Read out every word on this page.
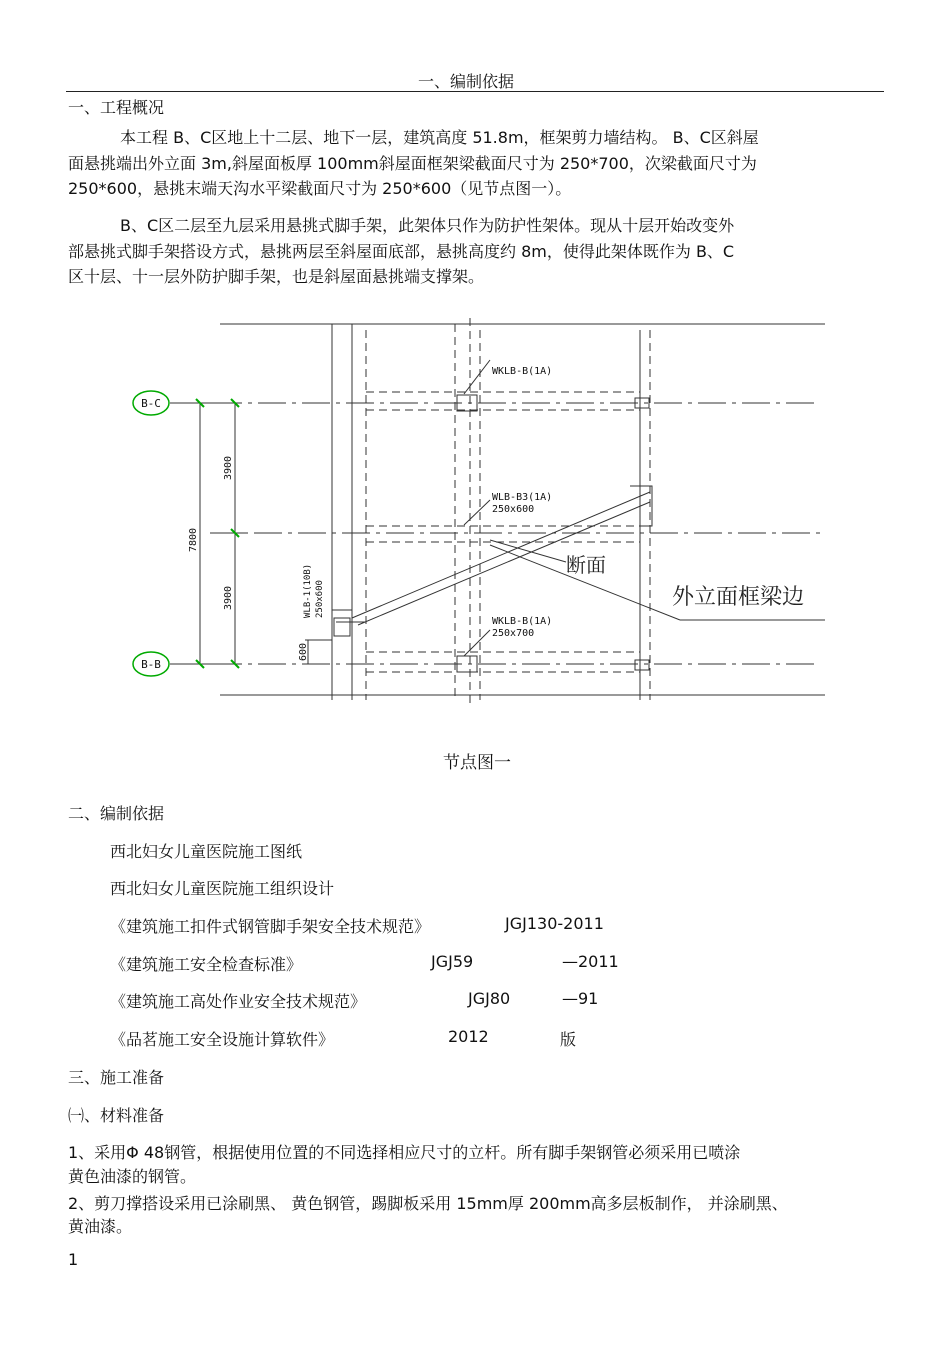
一、编制依据
一、工程概况
本工程 B、C区地上十二层、地下一层，建筑高度 51.8m，框架剪力墙结构。 B、C区斜屋
面悬挑端出外立面 3m,斜屋面板厚 100mm斜屋面框架梁截面尺寸为 250*700，次梁截面尺寸为
250*600，悬挑末端天沟水平梁截面尺寸为 250*600（见节点图一）。
B、C区二层至九层采用悬挑式脚手架，此架体只作为防护性架体。现从十层开始改变外
部悬挑式脚手架搭设方式，悬挑两层至斜屋面底部，悬挑高度约 8m，使得此架体既作为 B、C
区十层、十一层外防护脚手架，也是斜屋面悬挑端支撑架。
B-C
B-B
7800
3900
3900
600
WKLB-B(1A)
WLB-B3(1A)
250x600
WKLB-B(1A)
250x700
WLB-1(10B) 250x600
断面
外立面框梁边
节点图一
二、编制依据
西北妇女儿童医院施工图纸
西北妇女儿童医院施工组织设计
《建筑施工扣件式钢管脚手架安全技术规范》	JGJ130-2011
《建筑施工安全检查标准》	JGJ59	—2011
《建筑施工高处作业安全技术规范》	JGJ80	—91
《品茗施工安全设施计算软件》	2012	版
三、施工准备
㈠、材料准备
1、采用Φ 48钢管，根据使用位置的不同选择相应尺寸的立杆。所有脚手架钢管必须采用已喷涂
黄色油漆的钢管。
2、剪刀撑搭设采用已涂刷黑、 黄色钢管，踢脚板采用 15mm厚 200mm高多层板制作， 并涂刷黑、
黄油漆。
1
